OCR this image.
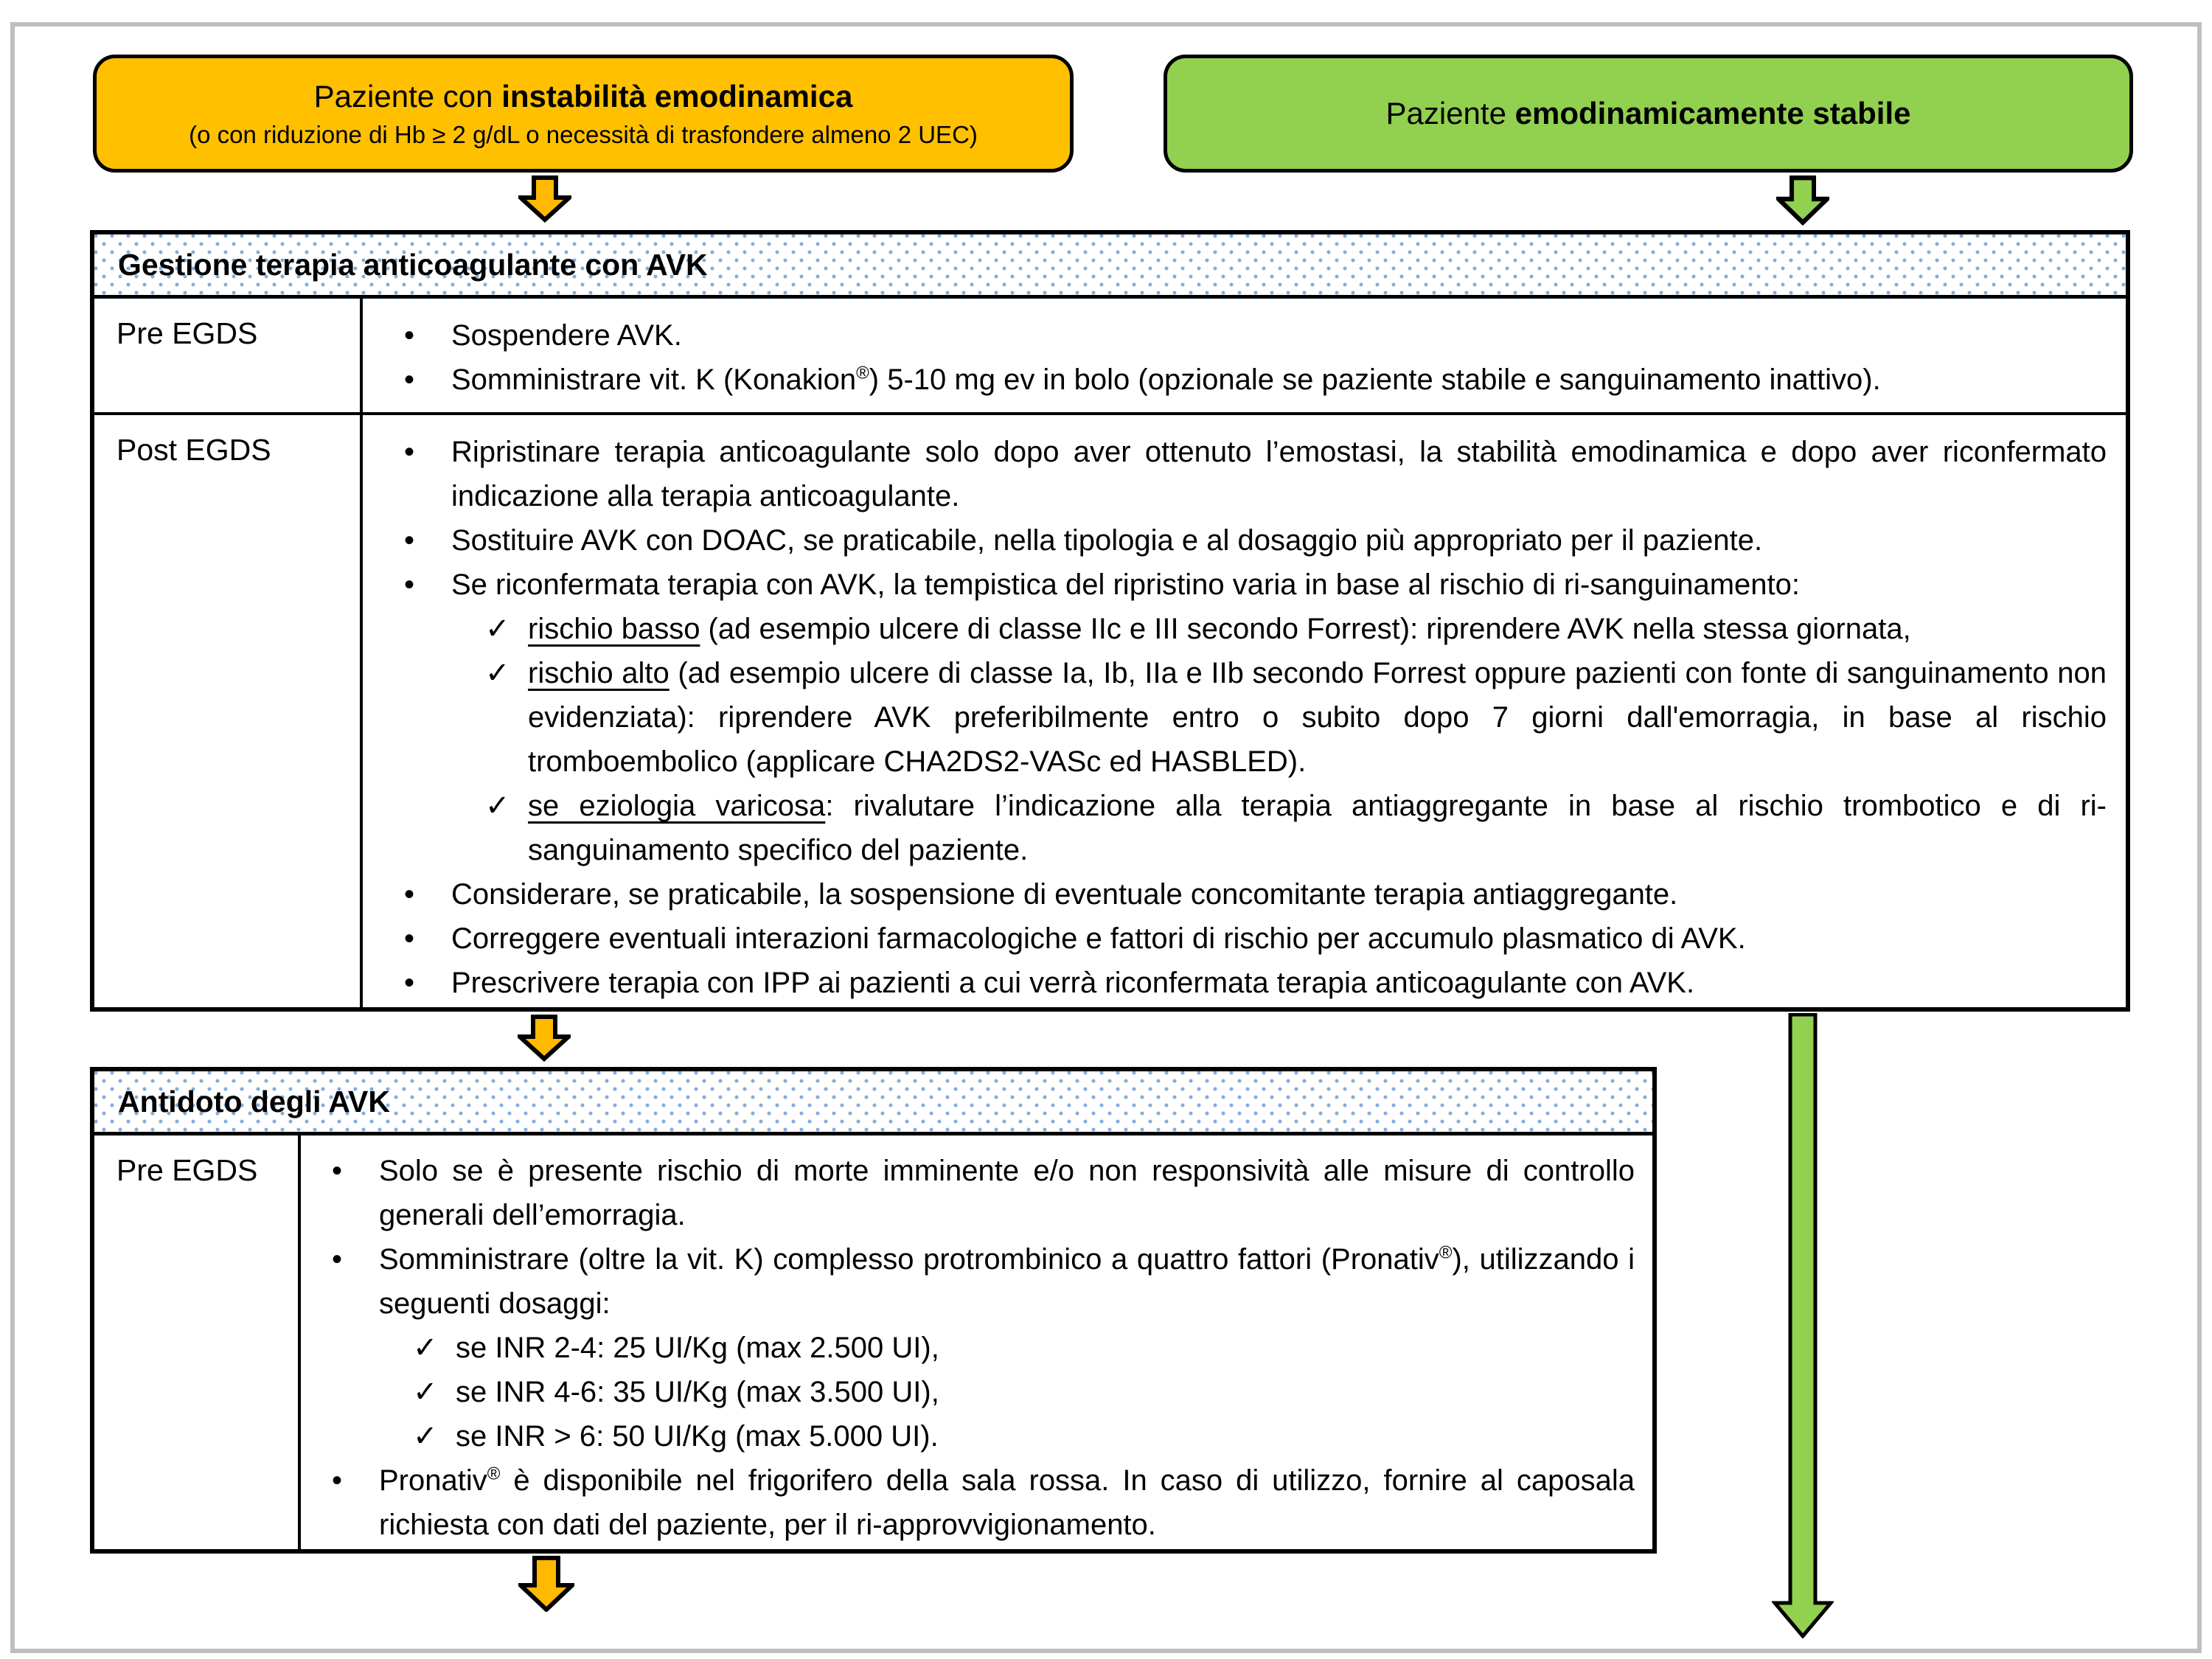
Paziente con instabilità emodinamica
(o con riduzione di Hb ≥ 2 g/dL o necessità di trasfondere almeno 2 UEC)
Paziente emodinamicamente stabile
Gestione terapia anticoagulante con AVK
Pre EGDS	•	Sospendere AVK.
•	Somministrare vit. K (Konakion®) 5-10 mg ev in bolo (opzionale se paziente stabile e sanguinamento inattivo).
Post EGDS	•	Ripristinare terapia anticoagulante solo dopo aver ottenuto l’emostasi, la stabilità emodinamica e dopo aver riconfermato indicazione alla terapia anticoagulante.
•	Sostituire AVK con DOAC, se praticabile, nella tipologia e al dosaggio più appropriato per il paziente.
•	Se riconfermata terapia con AVK, la tempistica del ripristino varia in base al rischio di ri-sanguinamento:
✓ rischio basso (ad esempio ulcere di classe IIc e III secondo Forrest): riprendere AVK nella stessa giornata,
✓ rischio alto (ad esempio ulcere di classe Ia, Ib, IIa e IIb secondo Forrest oppure pazienti con fonte di sanguinamento non evidenziata): riprendere AVK preferibilmente entro o subito dopo 7 giorni dall'emorragia, in base al rischio tromboembolico (applicare CHA2DS2-VASc ed HASBLED).
✓ se eziologia varicosa: rivalutare l’indicazione alla terapia antiaggregante in base al rischio trombotico e di ri-sanguinamento specifico del paziente.
•	Considerare, se praticabile, la sospensione di eventuale concomitante terapia antiaggregante.
•	Correggere eventuali interazioni farmacologiche e fattori di rischio per accumulo plasmatico di AVK.
•	Prescrivere terapia con IPP ai pazienti a cui verrà riconfermata terapia anticoagulante con AVK.
Antidoto degli AVK
Pre EGDS	•	Solo se è presente rischio di morte imminente e/o non responsività alle misure di controllo generali dell’emorragia.
•	Somministrare (oltre la vit. K) complesso protrombinico a quattro fattori (Pronativ®), utilizzando i seguenti dosaggi:
✓ se INR 2-4: 25 UI/Kg (max 2.500 UI),
✓ se INR 4-6: 35 UI/Kg (max 3.500 UI),
✓ se INR > 6: 50 UI/Kg (max 5.000 UI).
•	Pronativ® è disponibile nel frigorifero della sala rossa. In caso di utilizzo, fornire al caposala richiesta con dati del paziente, per il ri-approvvigionamento.
